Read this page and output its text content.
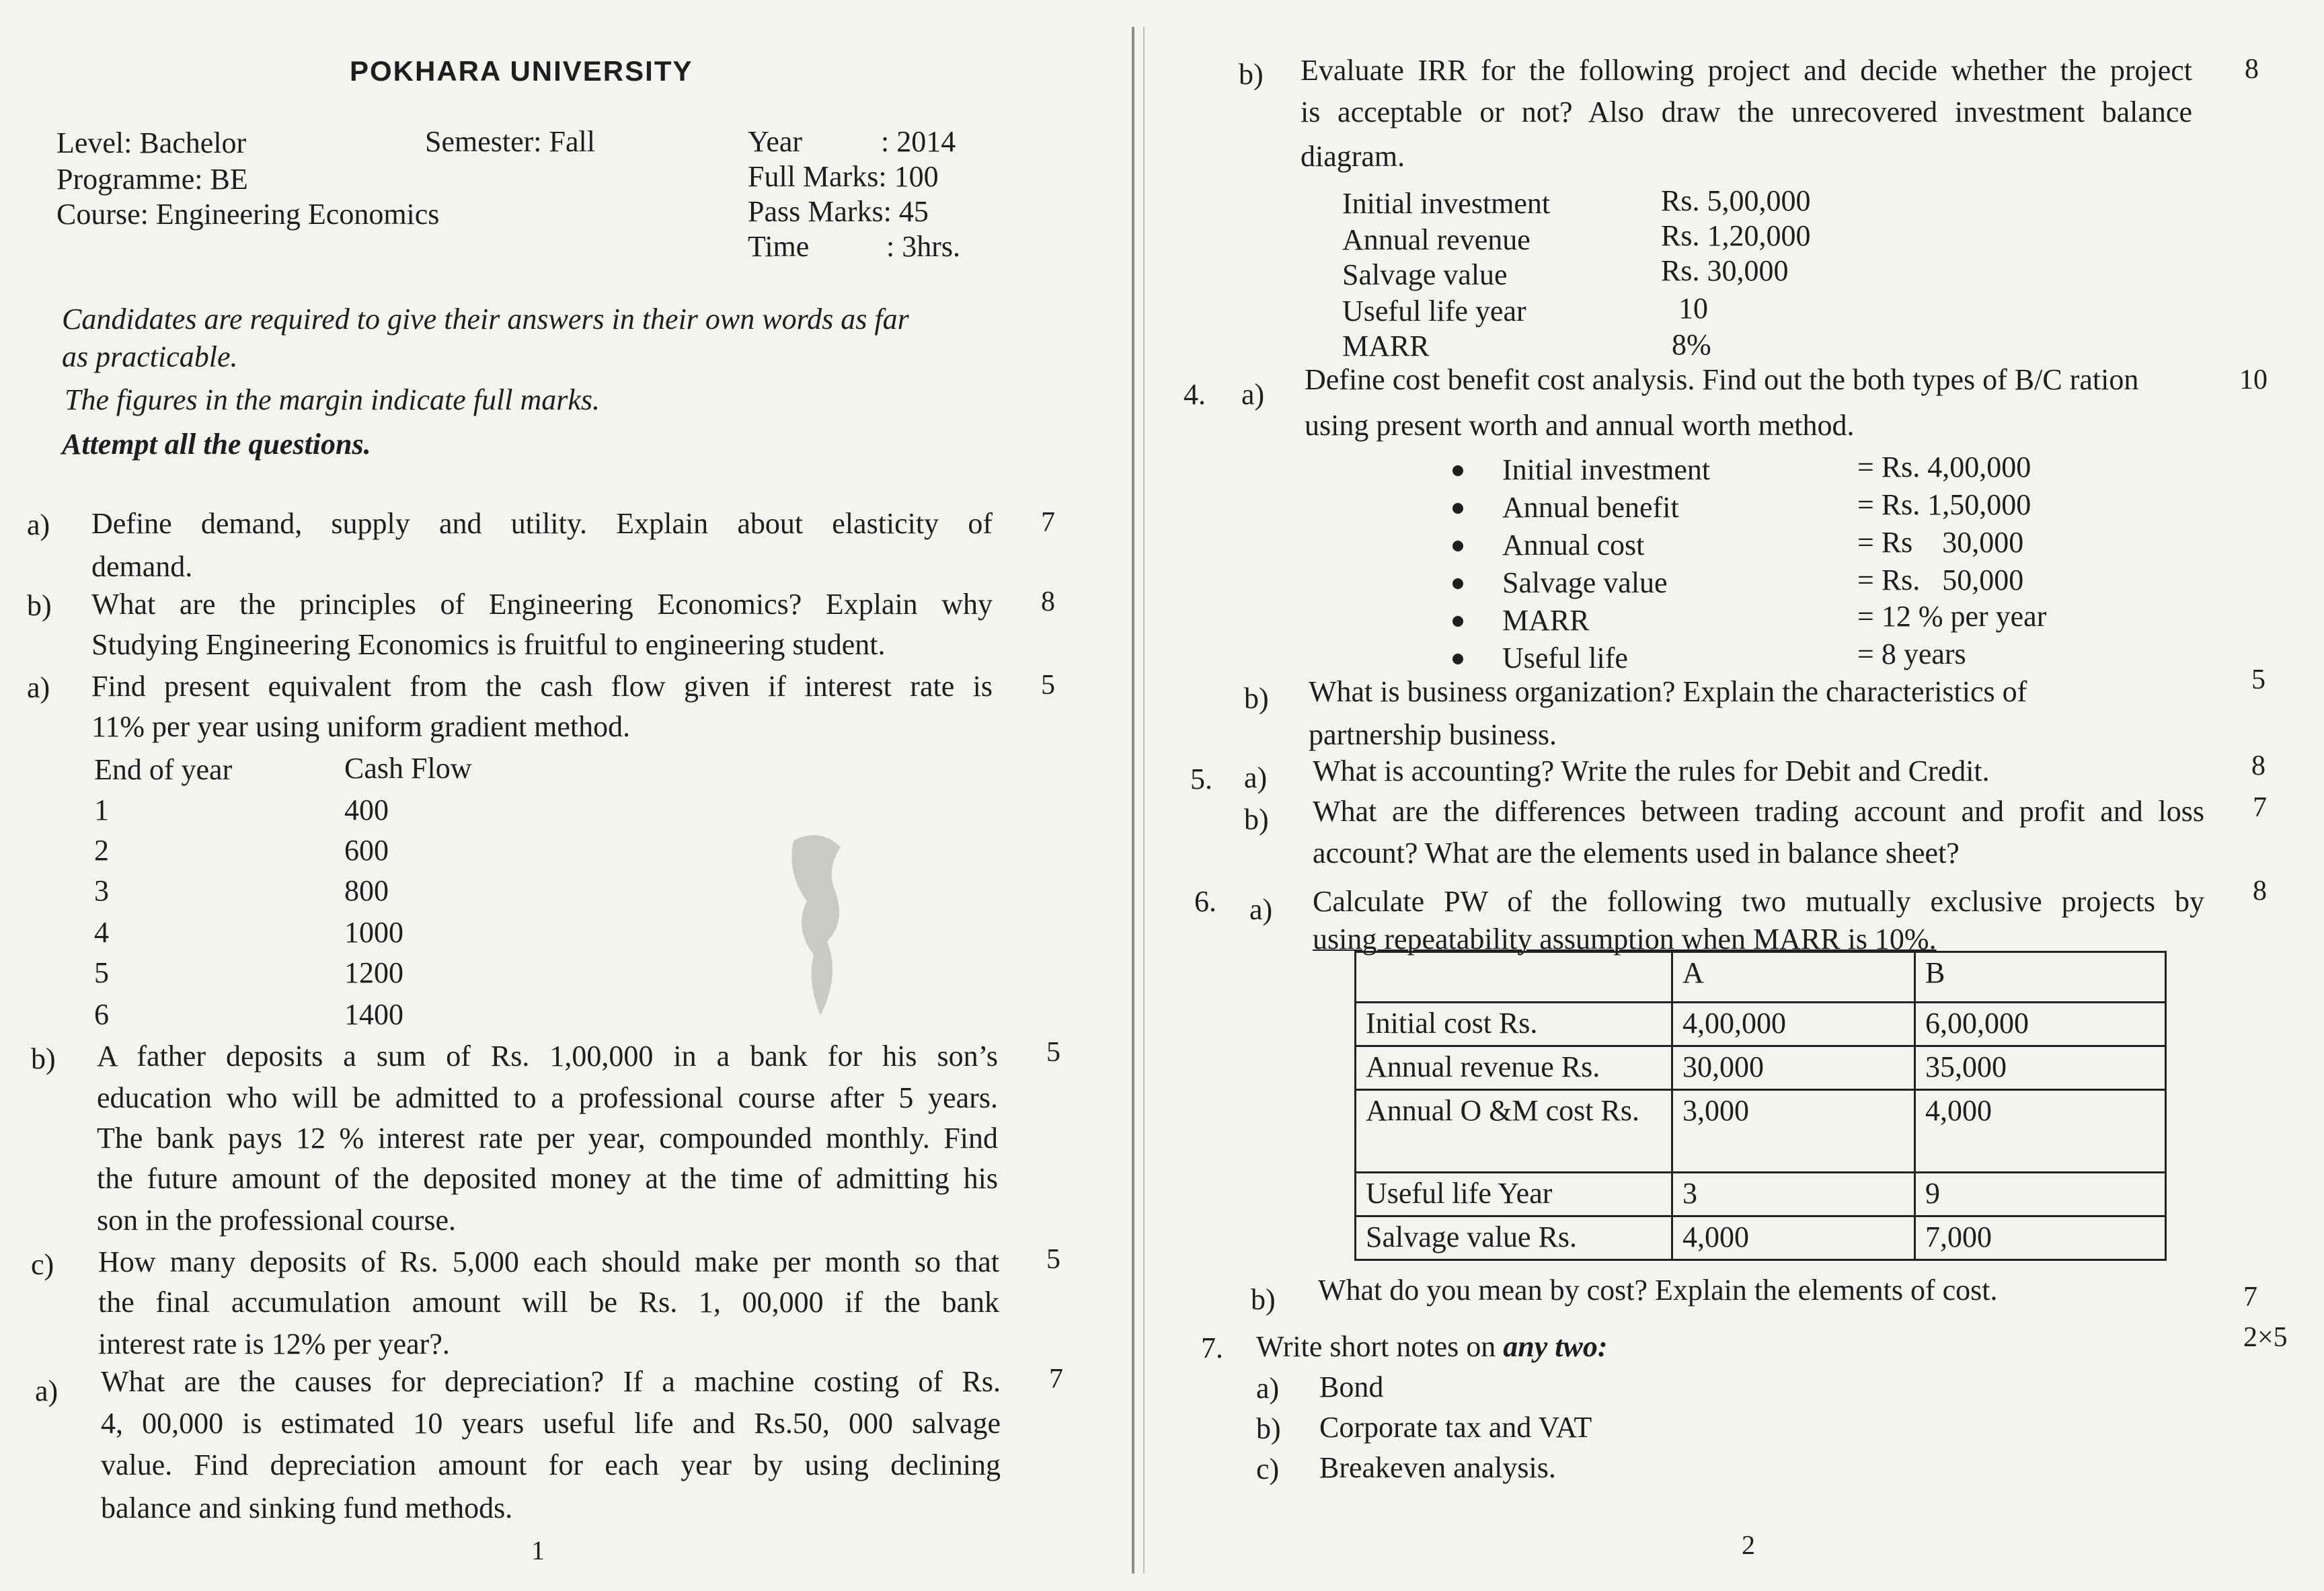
POKHARA UNIVERSITY
Level: Bachelor	Semester: Fall
Programme: BE
Course: Engineering Economics
Year	: 2014
Full Marks: 100
Pass Marks: 45
Time	: 3hrs.
Candidates are required to give their answers in their own words as far
as practicable.
The figures in the margin indicate full marks.
Attempt all the questions.
a) Define demand, supply and utility. Explain about elasticity of
demand.
7
b) What are the principles of Engineering Economics? Explain why
Studying Engineering Economics is fruitful to engineering student.
8
a) Find present equivalent from the cash flow given if interest rate is
11% per year using uniform gradient method.
5
End of year	Cash Flow
1	400
2	600
3	800
4	1000
5	1200
6	1400
b) A father deposits a sum of Rs. 1,00,000 in a bank for his son’s
education who will be admitted to a professional course after 5 years.
The bank pays 12 % interest rate per year, compounded monthly. Find
the future amount of the deposited money at the time of admitting his
son in the professional course.
5
c) How many deposits of Rs. 5,000 each should make per month so that
the final accumulation amount will be Rs. 1, 00,000 if the bank
interest rate is 12% per year?.
5
a) What are the causes for depreciation? If a machine costing of Rs.
4, 00,000 is estimated 10 years useful life and Rs.50, 000 salvage
value. Find depreciation amount for each year by using declining
balance and sinking fund methods.
7
1
b) Evaluate IRR for the following project and decide whether the project
is acceptable or not? Also draw the unrecovered investment balance
diagram.
8
Initial investment	Rs. 5,00,000
Annual revenue	Rs. 1,20,000
Salvage value	Rs. 30,000
Useful life year	10
MARR	8%
4. a) Define cost benefit cost analysis. Find out the both types of B/C ration
using present worth and annual worth method.
10
Initial investment	= Rs. 4,00,000
Annual benefit	= Rs. 1,50,000
Annual cost	= Rs    30,000
Salvage value	= Rs.   50,000
MARR	= 12 % per year
Useful life	= 8 years
b) What is business organization? Explain the characteristics of
partnership business.
5
5. a) What is accounting? Write the rules for Debit and Credit.	8
b) What are the differences between trading account and profit and loss
account? What are the elements used in balance sheet?
7
6. a) Calculate PW of the following two mutually exclusive projects by
using repeatability assumption when MARR is 10%.
8
	A	B
Initial cost Rs.	4,00,000	6,00,000
Annual revenue Rs.	30,000	35,000
Annual O &M cost Rs.	3,000	4,000
Useful life Year	3	9
Salvage value Rs.	4,000	7,000
b) What do you mean by cost? Explain the elements of cost.	7
7. Write short notes on any two:	2×5
a) Bond
b) Corporate tax and VAT
c) Breakeven analysis.
2
